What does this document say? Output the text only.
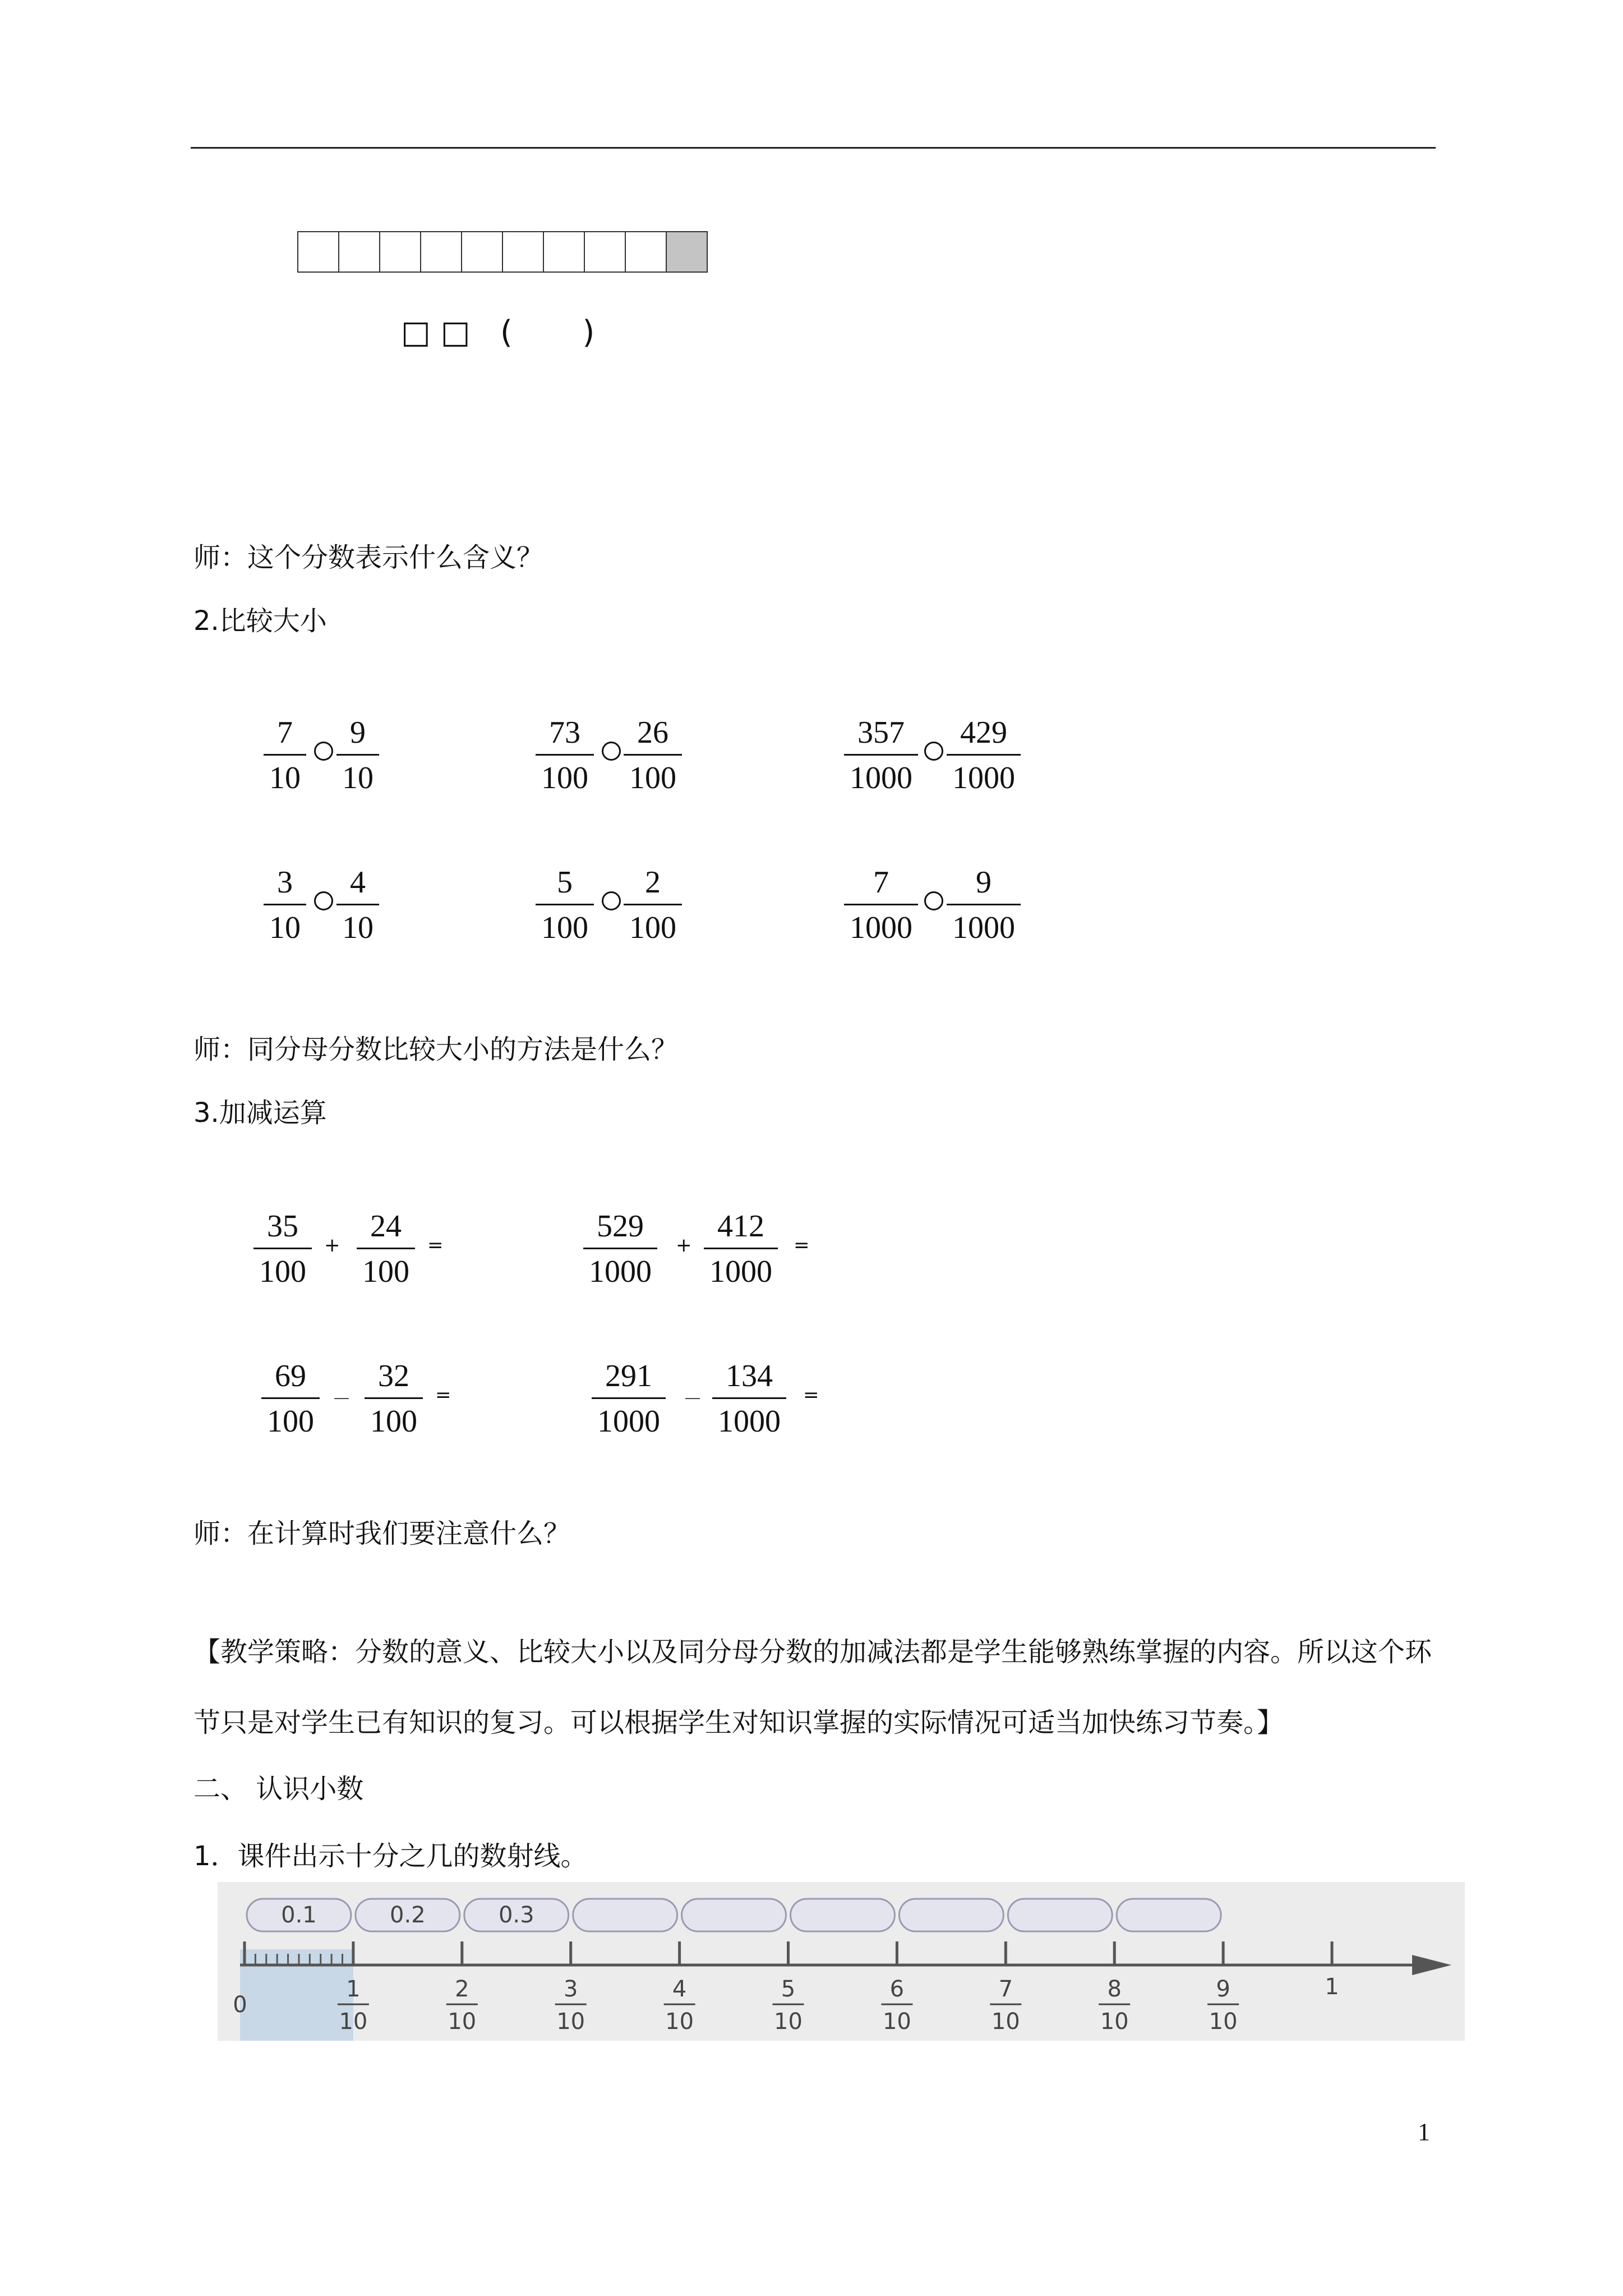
□ □ ( )
师：这个分数表示什么含义？
2.比较大小
7
10
9
10
73
100
26
100
357
1000
429
1000
3
10
4
10
5
100
2
100
7
1000
9
1000
师：同分母分数比较大小的方法是什么？
3.加减运算
35
100
+
24
100
=
529
1000
+
412
1000
=
69
100
－
32
100
=
291
1000
－
134
1000
=
师：在计算时我们要注意什么？
【教学策略：分数的意义、比较大小以及同分母分数的加减法都是学生能够熟练掌握的内容。所以这个环节只是对学生已有知识的复习。可以根据学生对知识掌握的实际情况可适当加快练习节奏。】
二、 认识小数
1．课件出示十分之几的数射线。
0.1	0.2	0.3
0
1
1
10
2
10
3
10
4
10
5
10
6
10
7
10
8
10
9
10
1
